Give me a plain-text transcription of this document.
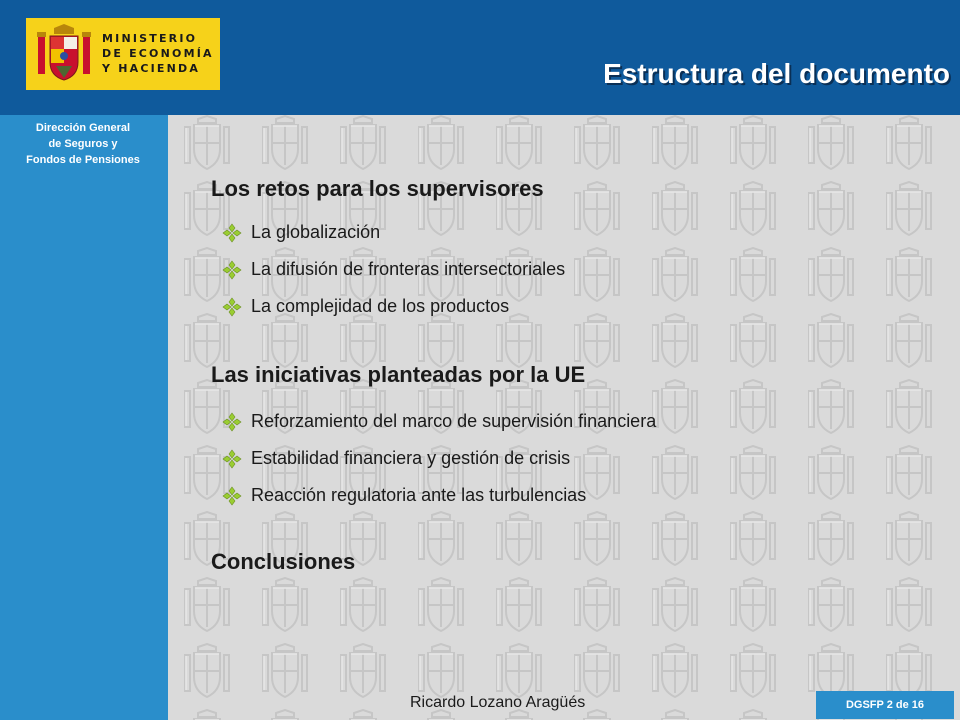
MINISTERIO
DE ECONOMÍA
Y HACIENDA	Estructura del documento
Dirección General
de Seguros y
Fondos de Pensiones
Los retos para los supervisores
La globalización
La difusión de fronteras intersectoriales
La complejidad de los productos
Las iniciativas planteadas por la UE
Reforzamiento del marco de supervisión financiera
Estabilidad financiera y gestión de crisis
Reacción regulatoria ante las turbulencias
Conclusiones
Ricardo Lozano Aragüés	DGSFP 2 de 16
